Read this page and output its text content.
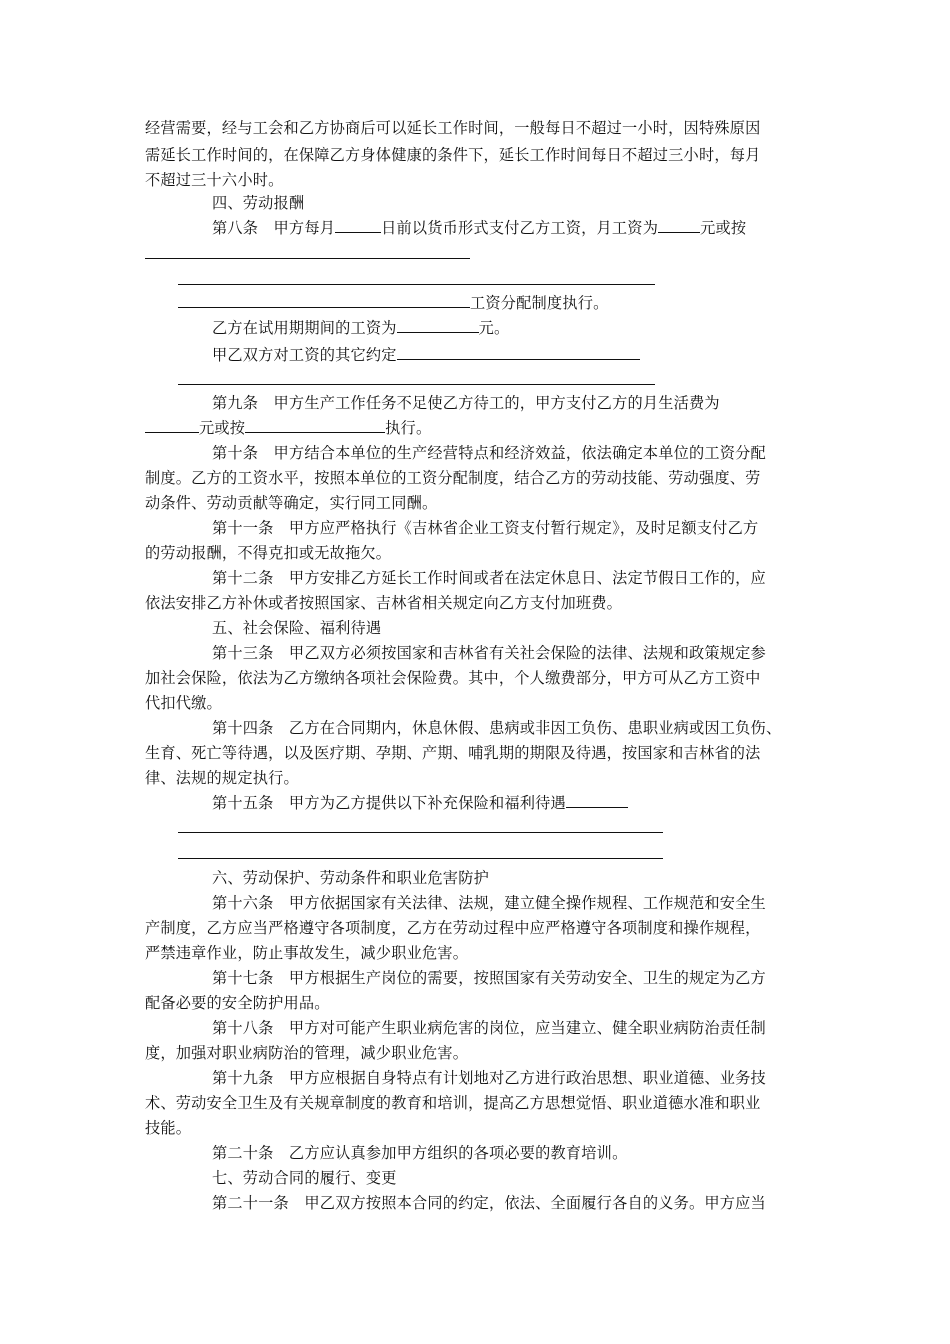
经营需要，经与工会和乙方协商后可以延长工作时间，一般每日不超过一小时，因特殊原因
需延长工作时间的，在保障乙方身体健康的条件下，延长工作时间每日不超过三小时，每月
不超过三十六小时。
四、劳动报酬
第八条　甲方每月	日前以货币形式支付乙方工资，月工资为	元或按
工资分配制度执行。
乙方在试用期期间的工资为	元。
甲乙双方对工资的其它约定
第九条　甲方生产工作任务不足使乙方待工的，甲方支付乙方的月生活费为
元或按	执行。
第十条　甲方结合本单位的生产经营特点和经济效益，依法确定本单位的工资分配
制度。乙方的工资水平，按照本单位的工资分配制度，结合乙方的劳动技能、劳动强度、劳
动条件、劳动贡献等确定，实行同工同酬。
第十一条　甲方应严格执行《吉林省企业工资支付暂行规定》，及时足额支付乙方
的劳动报酬，不得克扣或无故拖欠。
第十二条　甲方安排乙方延长工作时间或者在法定休息日、法定节假日工作的，应
依法安排乙方补休或者按照国家、吉林省相关规定向乙方支付加班费。
五、社会保险、福利待遇
第十三条　甲乙双方必须按国家和吉林省有关社会保险的法律、法规和政策规定参
加社会保险，依法为乙方缴纳各项社会保险费。其中，个人缴费部分，甲方可从乙方工资中
代扣代缴。
第十四条　乙方在合同期内，休息休假、患病或非因工负伤、患职业病或因工负伤、
生育、死亡等待遇，以及医疗期、孕期、产期、哺乳期的期限及待遇，按国家和吉林省的法
律、法规的规定执行。
第十五条　甲方为乙方提供以下补充保险和福利待遇
六、劳动保护、劳动条件和职业危害防护
第十六条　甲方依据国家有关法律、法规，建立健全操作规程、工作规范和安全生
产制度，乙方应当严格遵守各项制度，乙方在劳动过程中应严格遵守各项制度和操作规程，
严禁违章作业，防止事故发生，减少职业危害。
第十七条　甲方根据生产岗位的需要，按照国家有关劳动安全、卫生的规定为乙方
配备必要的安全防护用品。
第十八条　甲方对可能产生职业病危害的岗位，应当建立、健全职业病防治责任制
度，加强对职业病防治的管理，减少职业危害。
第十九条　甲方应根据自身特点有计划地对乙方进行政治思想、职业道德、业务技
术、劳动安全卫生及有关规章制度的教育和培训，提高乙方思想觉悟、职业道德水准和职业
技能。
第二十条　乙方应认真参加甲方组织的各项必要的教育培训。
七、劳动合同的履行、变更
第二十一条　甲乙双方按照本合同的约定，依法、全面履行各自的义务。甲方应当
